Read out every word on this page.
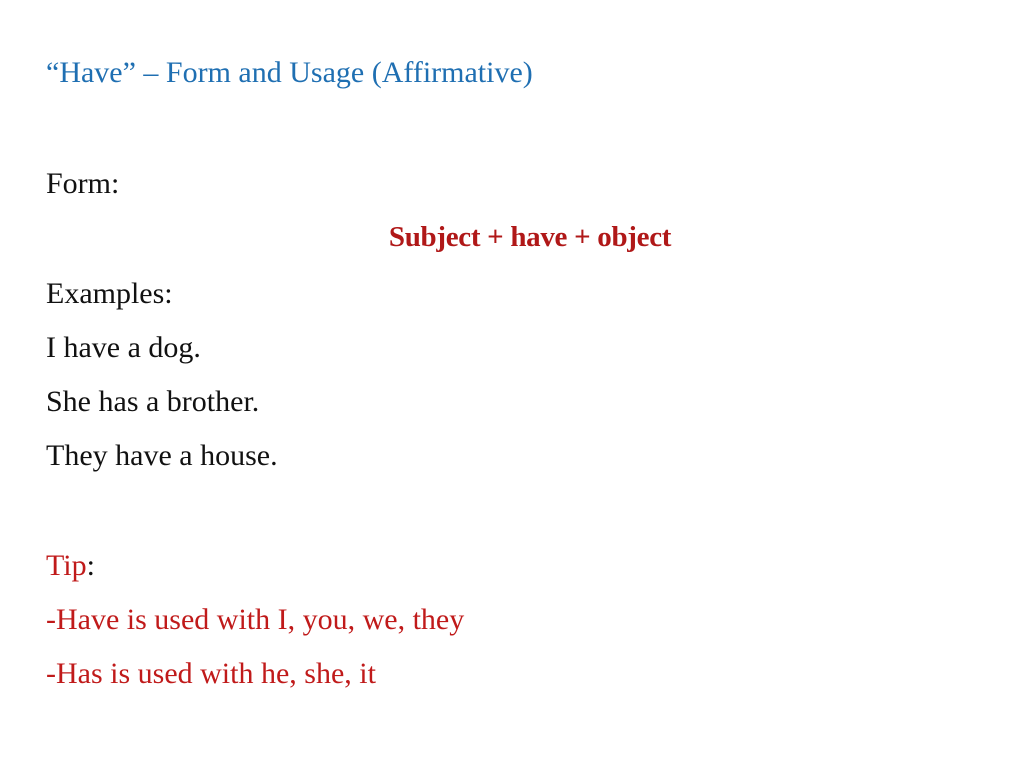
“Have” – Form and Usage (Affirmative)
Form:
Subject + have + object
Examples:
I have a dog.
She has a brother.
They have a house.
Tip:
-Have is used with I, you, we, they
-Has is used with he, she, it
